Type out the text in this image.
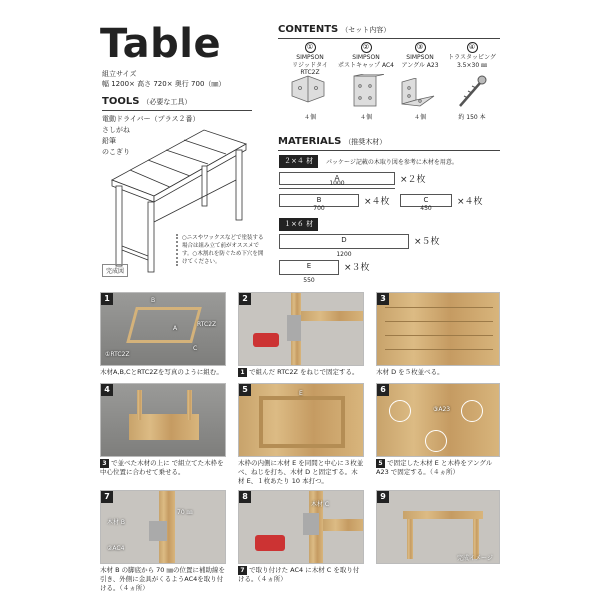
Table
組立サイズ
幅 1200× 高さ 720× 奥行 700（㎜）
TOOLS （必要な工具）
電動ドライバー（プラス２番）
さしがね
鉛筆
のこぎり
完成図
○ニスやワックスなどで塗装する場合は組み立て前がオススメです。○木割れを防ぐため下穴を開けてください。
CONTENTS （セット内容）
①
SIMPSON
リジッドタイ
RTC2Z
②
SIMPSON
ポストキャップ AC4
③
SIMPSON
アングル A23
④
トラスタッピング
3.5×30 ㎜
４個	４個	４個	約 150 本
MATERIALS （推奨木材）
２×４ 材	パッケージ記載の木取り図を参考に木材を用意。
A	×２枚
1000
B	×４枚
700
C	×４枚
450
１×６ 材
D	×５枚
1200
E	×３枚
550
1	B
A
RTC2Z
C
①RTC2Z
木材A,B,CとRTC2Zを写真のように組む。
2
1 で組んだ RTC2Z をねじで固定する。
3
木材 D を５枚並べる。
4
3 で並べた木材の上に で組立てた木枠を中心位置に合わせて乗せる。
5	E
木枠の内側に木材 E を同間と中心に３枚並べ、ねじを打ち、木材 D と固定する。木材 E、１枚あたり 10 本打つ。
6
③A23
5 で固定した木材 E と木枠をアングル A23 で固定する。（４ヵ所）
7
木材 B
70 ㎜
②AC4
木材 B の脚底から 70 ㎜の位置に補助線を引き、外側に金具がくるようAC4を取り付ける。（４ヵ所）
8
木材 C
7 で取り付けた AC4 に木材 C を取り付ける。（４ヵ所）
9
完成イメージ
